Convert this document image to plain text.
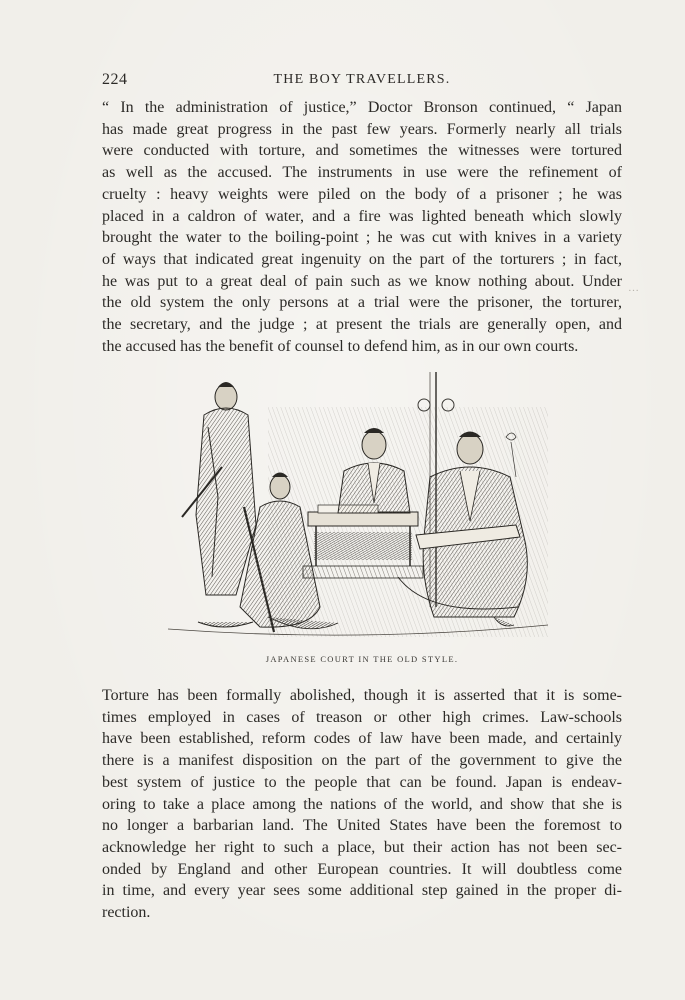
224	THE BOY TRAVELLERS.
“ In the administration of justice,” Doctor Bronson continued, “ Japan
has made great progress in the past few years. Formerly nearly all trials
were conducted with torture, and sometimes the witnesses were tortured
as well as the accused. The instruments in use were the refinement of
cruelty : heavy weights were piled on the body of a prisoner ; he was
placed in a caldron of water, and a fire was lighted beneath which slowly
brought the water to the boiling-point ; he was cut with knives in a variety
of ways that indicated great ingenuity on the part of the torturers ; in fact,
he was put to a great deal of pain such as we know nothing about. Under
the old system the only persons at a trial were the prisoner, the torturer,
the secretary, and the judge ; at present the trials are generally open, and
the accused has the benefit of counsel to defend him, as in our own courts.
JAPANESE COURT IN THE OLD STYLE.
Torture has been formally abolished, though it is asserted that it is some-
times employed in cases of treason or other high crimes. Law-schools
have been established, reform codes of law have been made, and certainly
there is a manifest disposition on the part of the government to give the
best system of justice to the people that can be found. Japan is endeav-
oring to take a place among the nations of the world, and show that she is
no longer a barbarian land. The United States have been the foremost to
acknowledge her right to such a place, but their action has not been sec-
onded by England and other European countries. It will doubtless come
in time, and every year sees some additional step gained in the proper di-
rection.
…
